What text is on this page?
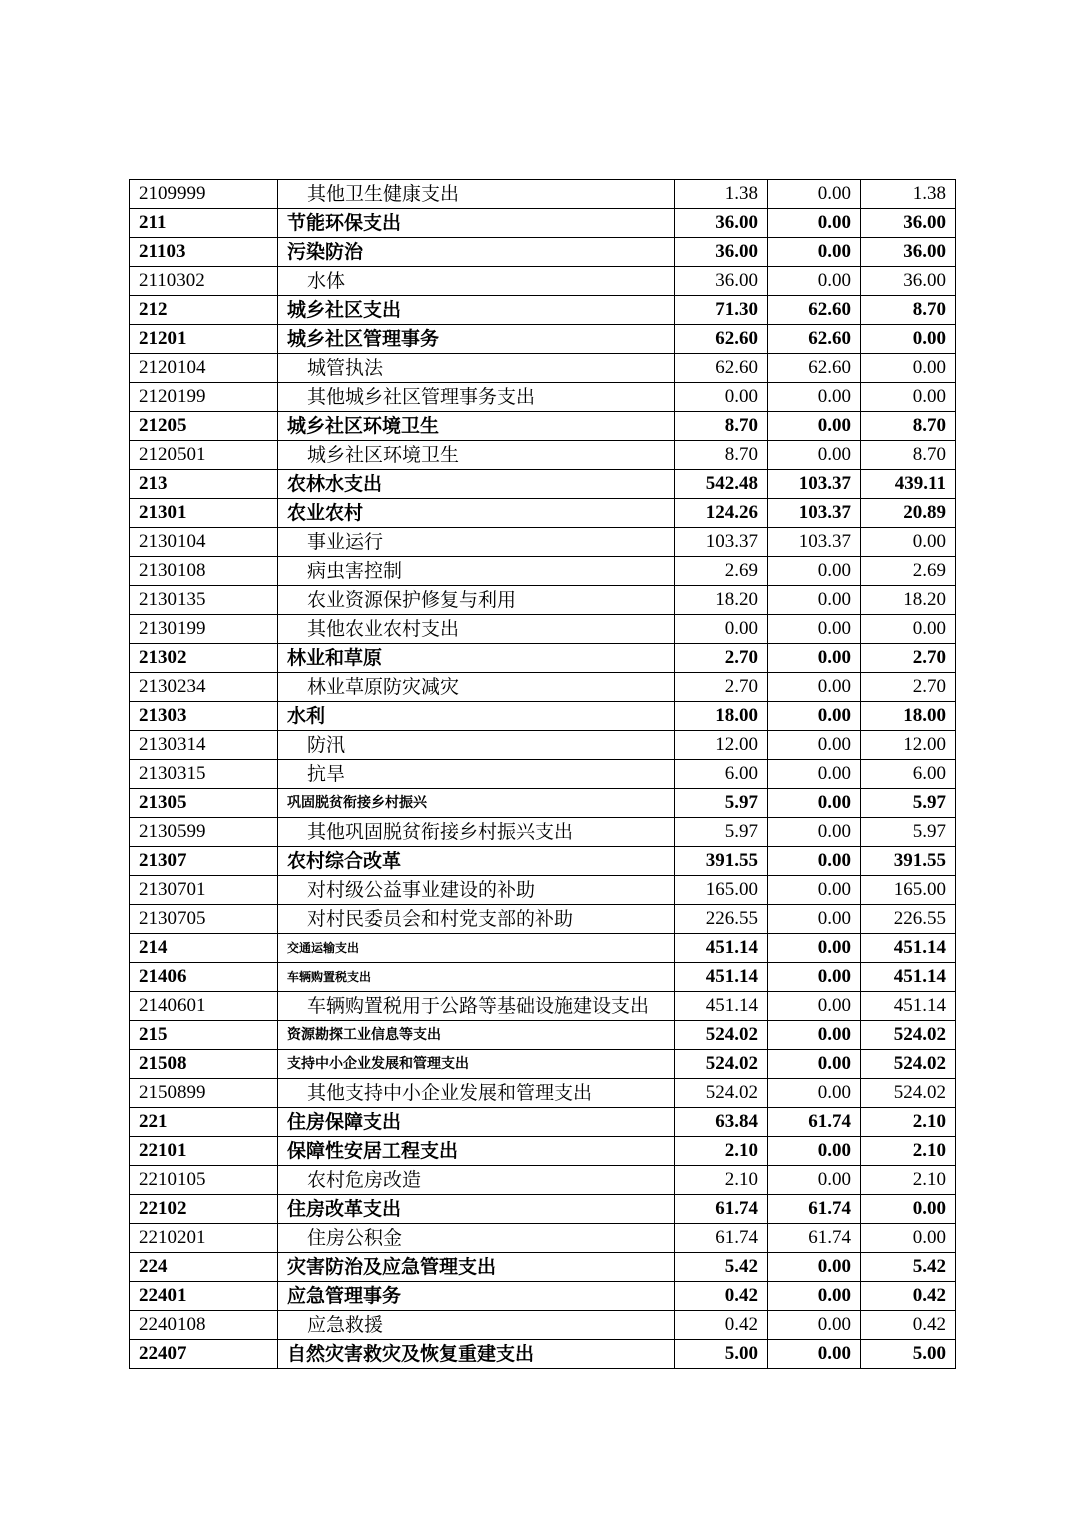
2109999	其他卫生健康支出	1.38	0.00	1.38
211	节能环保支出	36.00	0.00	36.00
21103	污染防治	36.00	0.00	36.00
2110302	水体	36.00	0.00	36.00
212	城乡社区支出	71.30	62.60	8.70
21201	城乡社区管理事务	62.60	62.60	0.00
2120104	城管执法	62.60	62.60	0.00
2120199	其他城乡社区管理事务支出	0.00	0.00	0.00
21205	城乡社区环境卫生	8.70	0.00	8.70
2120501	城乡社区环境卫生	8.70	0.00	8.70
213	农林水支出	542.48	103.37	439.11
21301	农业农村	124.26	103.37	20.89
2130104	事业运行	103.37	103.37	0.00
2130108	病虫害控制	2.69	0.00	2.69
2130135	农业资源保护修复与利用	18.20	0.00	18.20
2130199	其他农业农村支出	0.00	0.00	0.00
21302	林业和草原	2.70	0.00	2.70
2130234	林业草原防灾减灾	2.70	0.00	2.70
21303	水利	18.00	0.00	18.00
2130314	防汛	12.00	0.00	12.00
2130315	抗旱	6.00	0.00	6.00
21305	巩固脱贫衔接乡村振兴	5.97	0.00	5.97
2130599	其他巩固脱贫衔接乡村振兴支出	5.97	0.00	5.97
21307	农村综合改革	391.55	0.00	391.55
2130701	对村级公益事业建设的补助	165.00	0.00	165.00
2130705	对村民委员会和村党支部的补助	226.55	0.00	226.55
214	交通运输支出	451.14	0.00	451.14
21406	车辆购置税支出	451.14	0.00	451.14
2140601	车辆购置税用于公路等基础设施建设支出	451.14	0.00	451.14
215	资源勘探工业信息等支出	524.02	0.00	524.02
21508	支持中小企业发展和管理支出	524.02	0.00	524.02
2150899	其他支持中小企业发展和管理支出	524.02	0.00	524.02
221	住房保障支出	63.84	61.74	2.10
22101	保障性安居工程支出	2.10	0.00	2.10
2210105	农村危房改造	2.10	0.00	2.10
22102	住房改革支出	61.74	61.74	0.00
2210201	住房公积金	61.74	61.74	0.00
224	灾害防治及应急管理支出	5.42	0.00	5.42
22401	应急管理事务	0.42	0.00	0.42
2240108	应急救援	0.42	0.00	0.42
22407	自然灾害救灾及恢复重建支出	5.00	0.00	5.00
